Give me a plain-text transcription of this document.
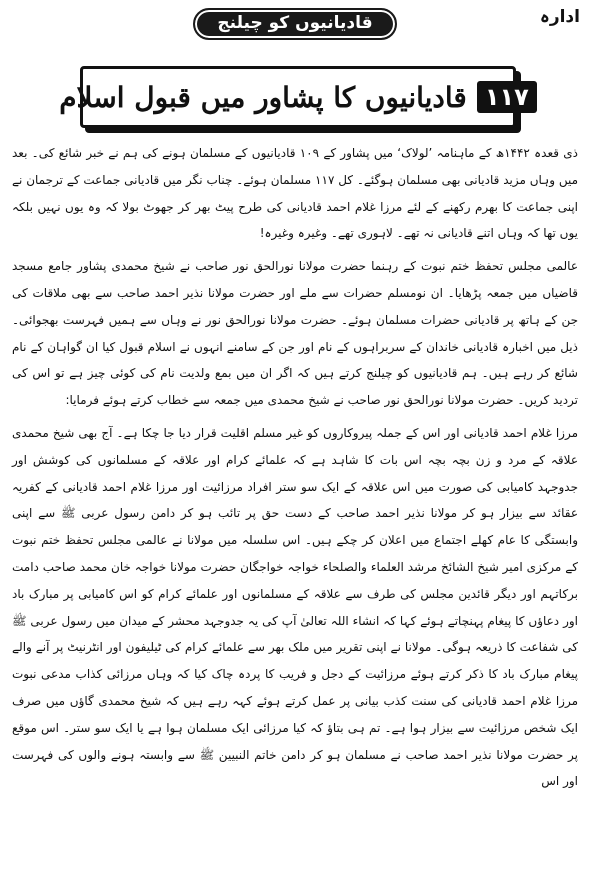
ادارہ
قادیانیوں کو چیلنج
۱۱۷
قادیانیوں کا پشاور میں قبول اسلام

ذی قعدہ ۱۴۴۲ھ کے ماہنامہ ’لولاک‘ میں پشاور کے ۱۰۹ قادیانیوں کے مسلمان ہونے کی ہم نے خبر شائع کی۔ بعد میں وہاں مزید قادیانی بھی مسلمان ہوگئے۔ کل ۱۱۷ مسلمان ہوئے۔ چناب نگر میں قادیانی جماعت کے ترجمان نے اپنی جماعت کا بھرم رکھنے کے لئے مرزا غلام احمد قادیانی کی طرح پیٹ بھر کر جھوٹ بولا کہ وہ یوں نہیں بلکہ یوں تھا کہ وہاں اتنے قادیانی نہ تھے۔ لاہوری تھے۔ وغیرہ وغیرہ!

عالمی مجلس تحفظ ختم نبوت کے رہنما حضرت مولانا نورالحق نور صاحب نے شیخ محمدی پشاور جامع مسجد قاضیاں میں جمعہ پڑھایا۔ ان نومسلم حضرات سے ملے اور حضرت مولانا نذیر احمد صاحب سے بھی ملاقات کی جن کے ہاتھ پر قادیانی حضرات مسلمان ہوئے۔ حضرت مولانا نورالحق نور نے وہاں سے ہمیں فہرست بھجوائی۔ ذیل میں اخبارہ قادیانی خاندان کے سربراہوں کے نام اور جن کے سامنے انہوں نے اسلام قبول کیا ان گواہان کے نام شائع کر رہے ہیں۔ ہم قادیانیوں کو چیلنج کرتے ہیں کہ اگر ان میں بمع ولدیت نام کی کوئی چیز ہے تو اس کی تردید کریں۔ حضرت مولانا نورالحق نور صاحب نے شیخ محمدی میں جمعہ سے خطاب کرتے ہوئے فرمایا:

مرزا غلام احمد قادیانی اور اس کے جملہ پیروکاروں کو غیر مسلم اقلیت قرار دیا جا چکا ہے۔ آج بھی شیخ محمدی علاقہ کے مرد و زن بچہ بچہ اس بات کا شاہد ہے کہ علمائے کرام اور علاقہ کے مسلمانوں کی کوشش اور جدوجہد کامیابی کی صورت میں اس علاقہ کے ایک سو ستر افراد مرزائیت اور مرزا غلام احمد قادیانی کے کفریہ عقائد سے بیزار ہو کر مولانا نذیر احمد صاحب کے دست حق پر تائب ہو کر دامن رسول عربی ﷺ سے اپنی وابستگی کا عام کھلے اجتماع میں اعلان کر چکے ہیں۔ اس سلسلہ میں مولانا نے عالمی مجلس تحفظ ختم نبوت کے مرکزی امیر شیخ الشائخ مرشد العلماء والصلحاء خواجہ خواجگان حضرت مولانا خواجہ خان محمد صاحب دامت برکاتہم اور دیگر قائدین مجلس کی طرف سے علاقہ کے مسلمانوں اور علمائے کرام کو اس کامیابی پر مبارک باد اور دعاؤں کا پیغام پہنچاتے ہوئے کہا کہ انشاء اللہ تعالیٰ آپ کی یہ جدوجہد محشر کے میدان میں رسول عربی ﷺ کی شفاعت کا ذریعہ ہوگی۔ مولانا نے اپنی تقریر میں ملک بھر سے علمائے کرام کی ٹیلیفون اور انٹرنیٹ پر آنے والے پیغام مبارک باد کا ذکر کرتے ہوئے مرزائیت کے دجل و فریب کا پردہ چاک کیا کہ وہاں مرزائی کذاب مدعی نبوت مرزا غلام احمد قادیانی کی سنت کذب بیانی پر عمل کرتے ہوئے کہہ رہے ہیں کہ شیخ محمدی گاؤں میں صرف ایک شخص مرزائیت سے بیزار ہوا ہے۔ تم ہی بتاؤ کہ کیا مرزائی ایک مسلمان ہوا ہے یا ایک سو ستر۔ اس موقع پر حضرت مولانا نذیر احمد صاحب نے مسلمان ہو کر دامن خاتم النبیین ﷺ سے وابستہ ہونے والوں کی فہرست اور اس
